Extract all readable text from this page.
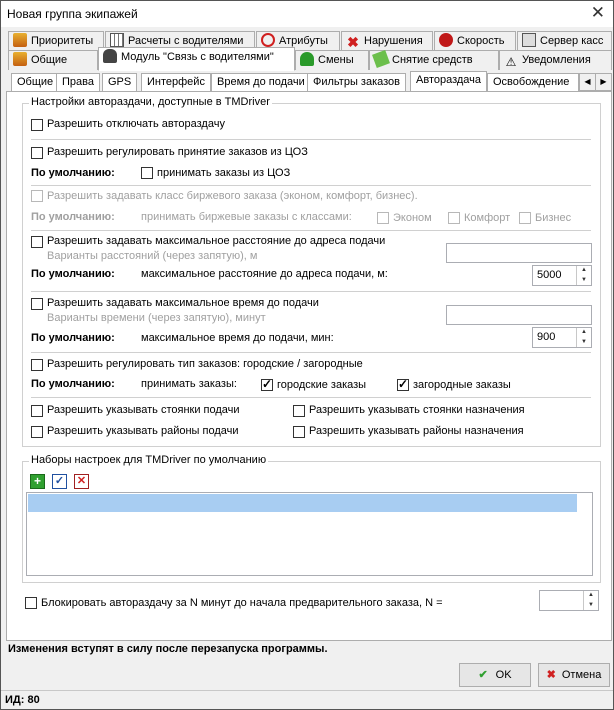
Новая группа экипажей	✕
Приоритеты	Расчеты с водителями	Атрибуты	✖ Нарушения	Скорость	Сервер касс
Общие	Модуль "Связь с водителями"	Смены	Снятие средств	⚠ Уведомления
Общие Права	GPS	Интерфейс	Время до подачи Фильтры заказов	Автораздача	Освобождение	◀	▶
Настройки автораздачи, доступные в TMDriver
Разрешить отключать автораздачу
Разрешить регулировать принятие заказов из ЦОЗ
По умолчанию:	принимать заказы из ЦОЗ
Разрешить задавать класс биржевого заказа (эконом, комфорт, бизнес).
По умолчанию: принимать биржевые заказы с классами:	Эконом	Комфорт Бизнес
Разрешить задавать максимальное расстояние до адреса подачи
Варианты расстояний (через запятую), м
По умолчанию: максимальное расстояние до адреса подачи, м:	5000	▲
▼
Разрешить задавать максимальное время до подачи
Варианты времени (через запятую), минут
По умолчанию: максимальное время до подачи, мин:	900	▲
▼
Разрешить регулировать тип заказов: городские / загородные
По умолчанию: принимать заказы: ✓	городские заказы ✓	загородные заказы
Разрешить указывать стоянки подачи	Разрешить указывать стоянки назначения
Разрешить указывать районы подачи	Разрешить указывать районы назначения
Наборы настроек для TMDriver по умолчанию
+	✓ ✕
Блокировать автораздачу за N минут до начала предварительного заказа, N =
▲
▼
Изменения вступят в силу после перезапуска программы.
✔ OK	✖ Отмена
ИД: 80
